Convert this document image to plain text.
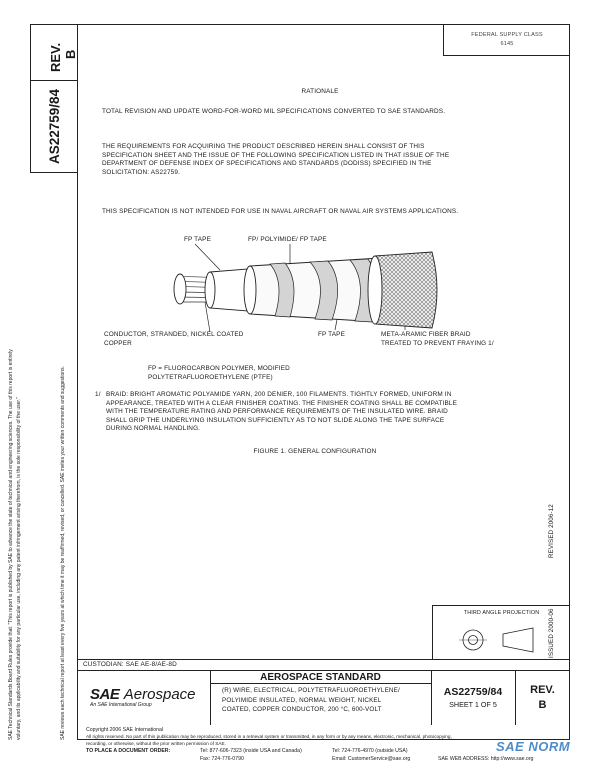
REV. B
AS22759/84
FEDERAL SUPPLY CLASS
6145
RATIONALE
TOTAL REVISION AND UPDATE WORD-FOR-WORD MIL SPECIFICATIONS CONVERTED TO SAE STANDARDS.
THE REQUIREMENTS FOR ACQUIRING THE PRODUCT DESCRIBED HEREIN SHALL CONSIST OF THIS
SPECIFICATION SHEET AND THE ISSUE OF THE FOLLOWING SPECIFICATION LISTED IN THAT ISSUE OF THE
DEPARTMENT OF DEFENSE INDEX OF SPECIFICATIONS AND STANDARDS (DODISS) SPECIFIED IN THE
SOLICITATION: AS22759.
THIS SPECIFICATION IS NOT INTENDED FOR USE IN NAVAL AIRCRAFT OR NAVAL AIR SYSTEMS APPLICATIONS.
FP TAPE	FP/ POLYIMIDE/ FP TAPE
CONDUCTOR, STRANDED, NICKEL COATED
COPPER
FP TAPE	META-ARAMIC FIBER BRAID
TREATED TO PREVENT FRAYING 1/
FP = FLUOROCARBON POLYMER, MODIFIED
POLYTETRAFLUOROETHYLENE (PTFE)
1/ BRAID: BRIGHT AROMATIC POLYAMIDE YARN, 200 DENIER, 100 FILAMENTS. TIGHTLY FORMED, UNIFORM IN
APPEARANCE, TREATED WITH A CLEAR FINISHER COATING. THE FINISHER COATING SHALL BE COMPATIBLE
WITH THE TEMPERATURE RATING AND PERFORMANCE REQUIREMENTS OF THE INSULATED WIRE. BRAID
SHALL GRIP THE UNDERLYING INSULATION SUFFICIENTLY AS TO NOT SLIDE ALONG THE TAPE SURFACE
DURING NORMAL HANDLING.
FIGURE 1. GENERAL CONFIGURATION
REVISED 2006-12
ISSUED 2000-06
SAE Technical Standards Board Rules provide that: "This report is published by SAE to advance the state of technical and engineering sciences. The use of this report is entirely voluntary, and its applicability and suitability for any particular use, including any patent infringement arising therefrom, is the sole responsibility of the user."	SAE reviews each technical report at least every five years at which time it may be reaffirmed, revised, or cancelled. SAE invites your written comments and suggestions.	THIRD ANGLE PROJECTION
CUSTODIAN: SAE AE-8/AE-8D
SAE Aerospace
An SAE International Group
AEROSPACE STANDARD
(R) WIRE, ELECTRICAL, POLYTETRAFLUOROETHYLENE/
POLYIMIDE INSULATED, NORMAL WEIGHT, NICKEL
COATED, COPPER CONDUCTOR, 200 °C, 600-VOLT
AS22759/84
SHEET 1 OF 5
REV.
B
Copyright 2006 SAE International
All rights reserved. No part of this publication may be reproduced, stored in a retrieval system or transmitted, in any form or by any means, electronic, mechanical, photocopying,
recording, or otherwise, without the prior written permission of SAE.
TO PLACE A DOCUMENT ORDER:	Tel: 877-606-7323 (inside USA and Canada)	Tel: 724-776-4970 (outside USA)
Fax: 724-776-0790	Email: CustomerService@sae.org	SAE WEB ADDRESS: http://www.sae.org
SAE NORM
